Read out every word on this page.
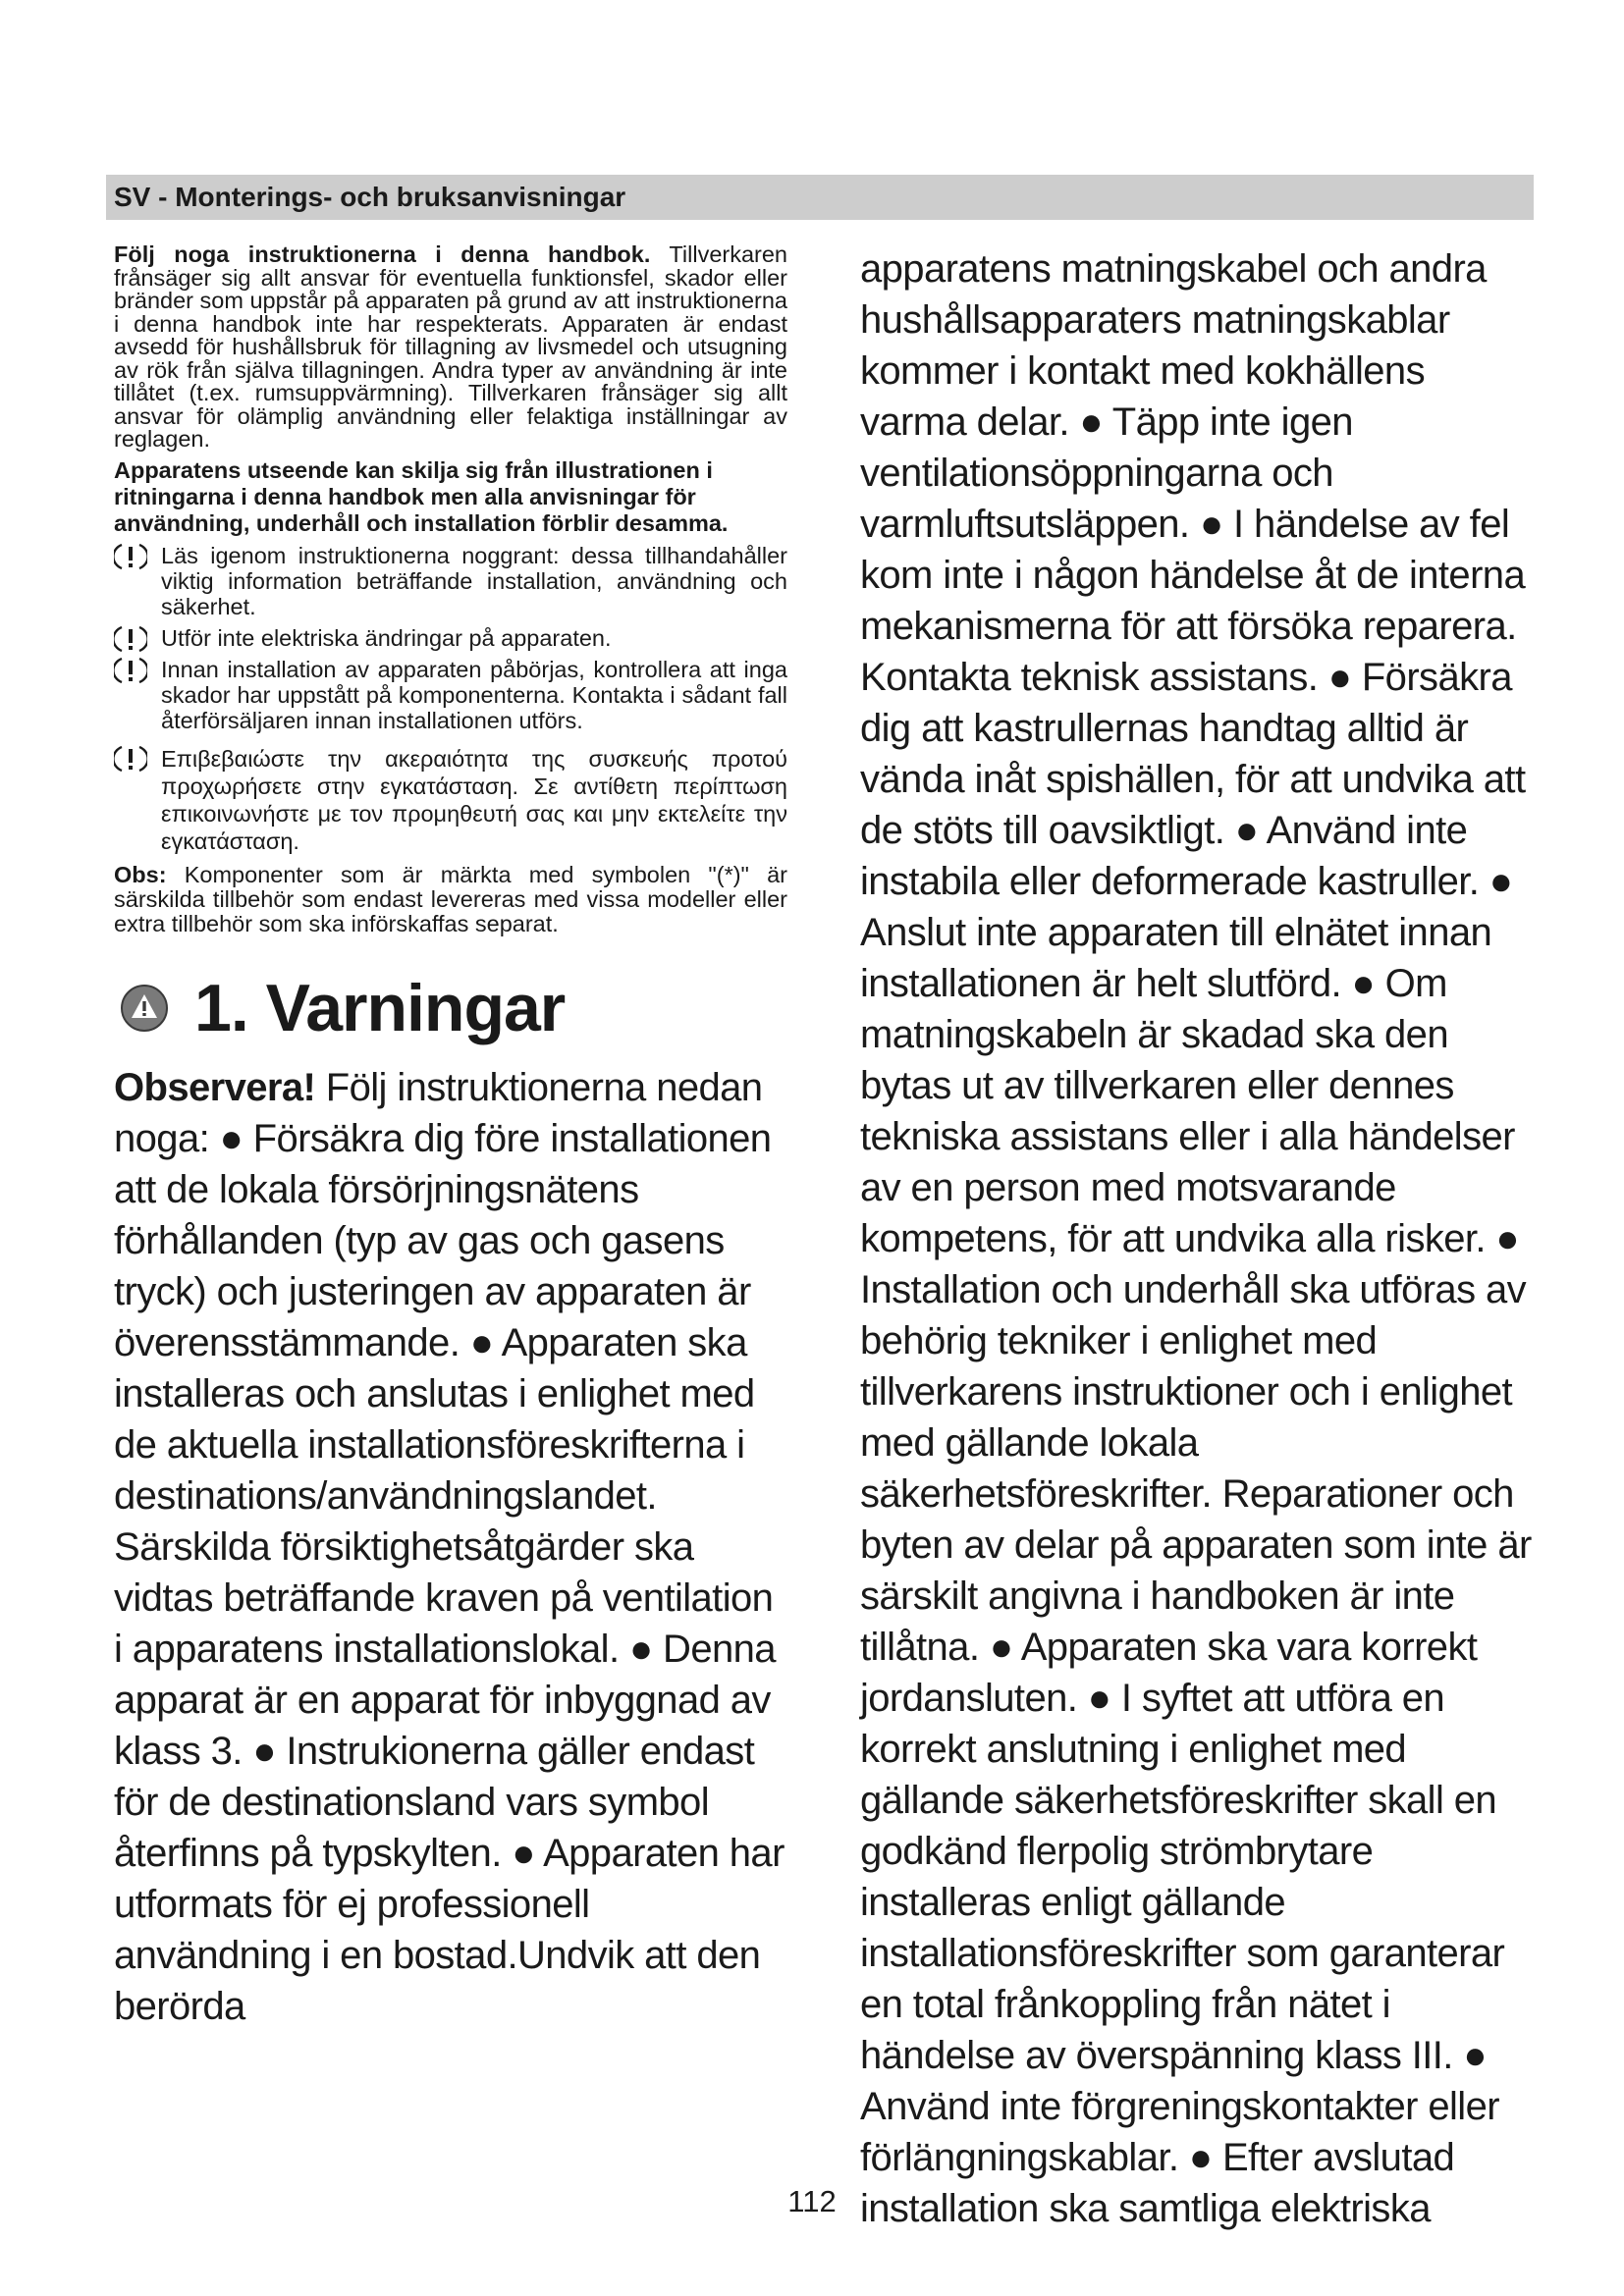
SV - Monterings- och bruksanvisningar

Följ noga instruktionerna i denna handbok. Tillverkaren frånsäger sig allt ansvar för eventuella funktionsfel, skador eller bränder som uppstår på apparaten på grund av att instruktionerna i denna handbok inte har respekterats. Apparaten är endast avsedd för hushållsbruk för tillagning av livsmedel och utsugning av rök från själva tillagningen. Andra typer av användning är inte tillåtet (t.ex. rumsuppvärmning). Tillverkaren frånsäger sig allt ansvar för olämplig användning eller felaktiga inställningar av reglagen.

Apparatens utseende kan skilja sig från illustrationen i ritningarna i denna handbok men alla anvisningar för användning, underhåll och installation förblir desamma.

Läs igenom instruktionerna noggrant: dessa tillhandahåller viktig information beträffande installation, användning och säkerhet.

Utför inte elektriska ändringar på apparaten.

Innan installation av apparaten påbörjas, kontrollera att inga skador har uppstått på komponenterna. Kontakta i sådant fall återförsäljaren innan installationen utförs.

Επιβεβαιώστε την ακεραιότητα της συσκευής προτού προχωρήσετε στην εγκατάσταση. Σε αντίθετη περίπτωση επικοινωνήστε με τον προμηθευτή σας και μην εκτελείτε την εγκατάσταση.

Obs: Komponenter som är märkta med symbolen "(*)" är särskilda tillbehör som endast levereras med vissa modeller eller extra tillbehör som ska införskaffas separat.

1. Varningar

Observera! Följ instruktionerna nedan noga: ● Försäkra dig före installationen att de lokala försörjningsnätens förhållanden (typ av gas och gasens tryck) och justeringen av apparaten är överensstämmande. ● Apparaten ska installeras och anslutas i enlighet med de aktuella installationsföreskrifterna i destinations/användningslandet. Särskilda försiktighetsåtgärder ska vidtas beträffande kraven på ventilation i apparatens installationslokal. ● Denna apparat är en apparat för inbyggnad av klass 3. ● Instrukionerna gäller endast för de destinationsland vars symbol återfinns på typskylten. ● Apparaten har utformats för ej professionell användning i en bostad.Undvik att den berörda

apparatens matningskabel och andra hushållsapparaters matningskablar kommer i kontakt med kokhällens varma delar. ● Täpp inte igen ventilationsöppningarna och varmluftsutsläppen. ● I händelse av fel kom inte i någon händelse åt de interna mekanismerna för att försöka reparera. Kontakta teknisk assistans. ● Försäkra dig att kastrullernas handtag alltid är vända inåt spishällen, för att undvika att de stöts till oavsiktligt. ● Använd inte instabila eller deformerade kastruller. ● Anslut inte apparaten till elnätet innan installationen är helt slutförd. ● Om matningskabeln är skadad ska den bytas ut av tillverkaren eller dennes tekniska assistans eller i alla händelser av en person med motsvarande kompetens, för att undvika alla risker. ● Installation och underhåll ska utföras av behörig tekniker i enlighet med tillverkarens instruktioner och i enlighet med gällande lokala säkerhetsföreskrifter. Reparationer och byten av delar på apparaten som inte är särskilt angivna i handboken är inte tillåtna. ● Apparaten ska vara korrekt jordansluten. ● I syftet att utföra en korrekt anslutning i enlighet med gällande säkerhetsföreskrifter skall en godkänd flerpolig strömbrytare installeras enligt gällande installationsföreskrifter som garanterar en total frånkoppling från nätet i händelse av överspänning klass III. ● Använd inte förgreningskontakter eller förlängningskablar. ● Efter avslutad installation ska samtliga elektriska

112
